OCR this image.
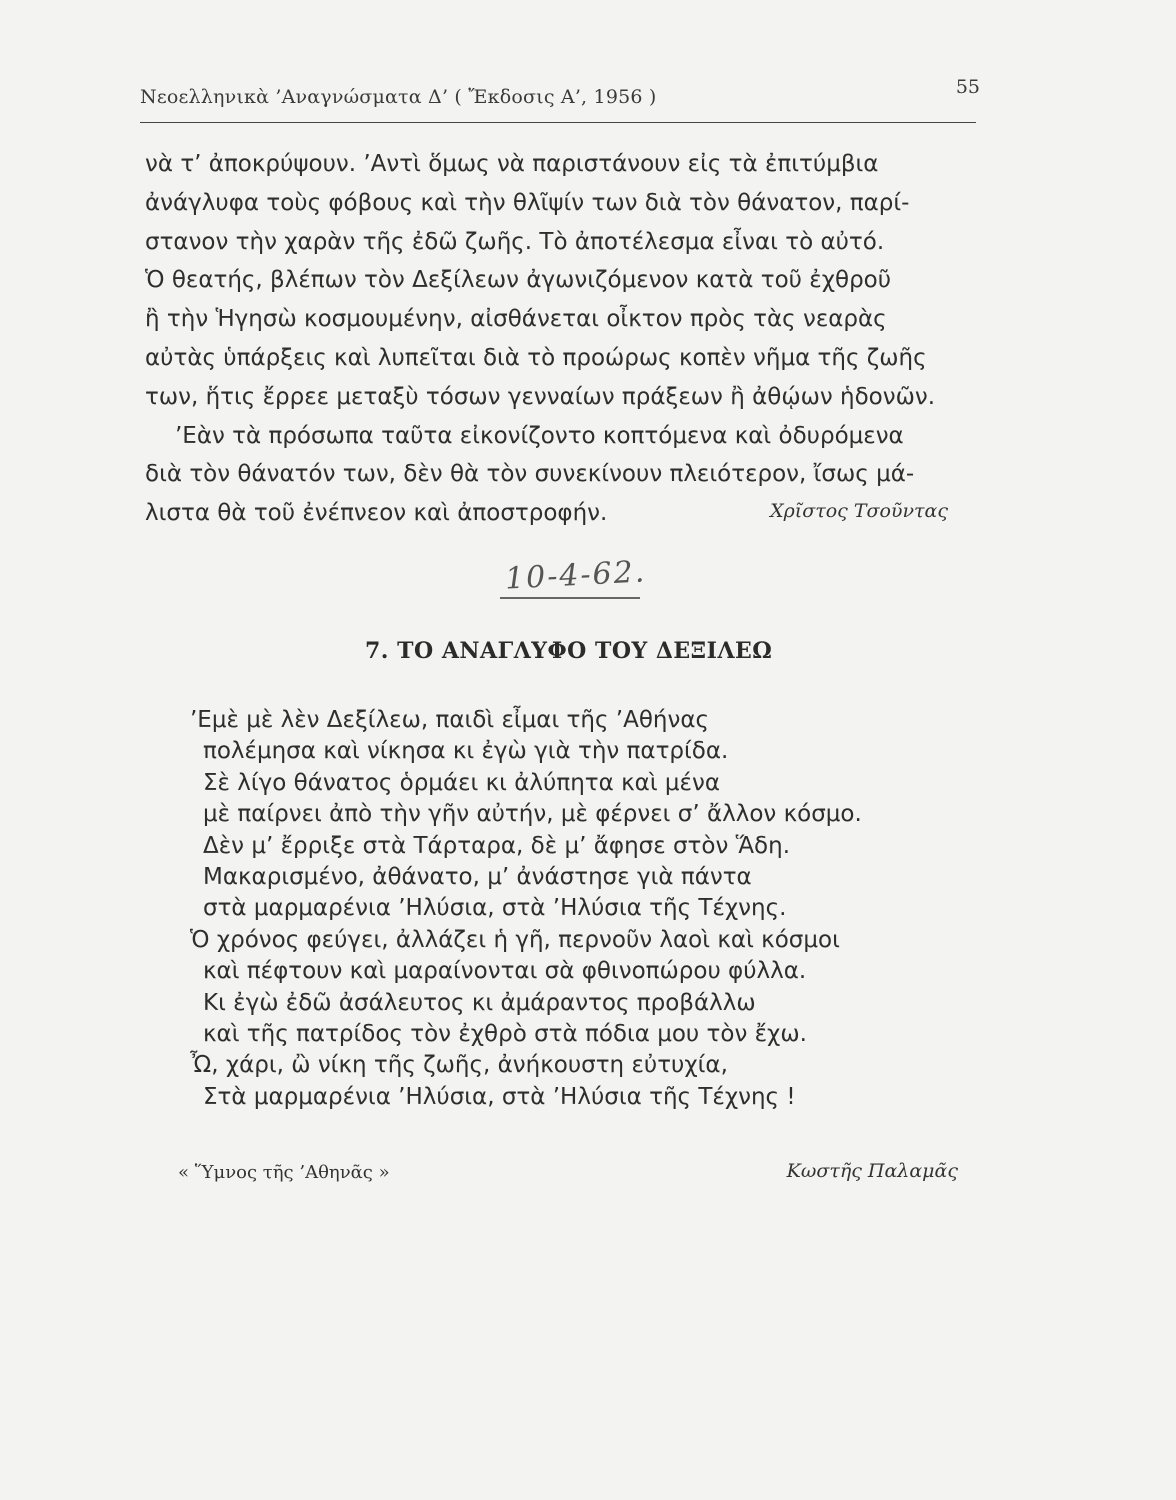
Νεοελληνικὰ ’Αναγνώσματα Δ’ ( Ἔκδοσις Α’, 1956 )	55
νὰ τ’ ἀποκρύψουν. ’Αντὶ ὅμως νὰ παριστάνουν εἰς τὰ ἐπιτύμβια
ἀνάγλυφα τοὺς φόβους καὶ τὴν θλῖψίν των διὰ τὸν θάνατον, παρί-
στανον τὴν χαρὰν τῆς ἐδῶ ζωῆς. Τὸ ἀποτέλεσμα εἶναι τὸ αὐτό.
Ὁ θεατής, βλέπων τὸν Δεξίλεων ἀγωνιζόμενον κατὰ τοῦ ἐχθροῦ
ἢ τὴν Ἡγησὼ κοσμουμένην, αἰσθάνεται οἶκτον πρὸς τὰς νεαρὰς
αὐτὰς ὑπάρξεις καὶ λυπεῖται διὰ τὸ προώρως κοπὲν νῆμα τῆς ζωῆς
των, ἥτις ἔρρεε μεταξὺ τόσων γενναίων πράξεων ἢ ἀθῴων ἡδονῶν.
’Εὰν τὰ πρόσωπα ταῦτα εἰκονίζοντο κοπτόμενα καὶ ὀδυρόμενα
διὰ τὸν θάνατόν των, δὲν θὰ τὸν συνεκίνουν πλειότερον, ἴσως μά-
λιστα θὰ τοῦ ἐνέπνεον καὶ ἀποστροφήν.	Χρῖστος Τσοῦντας
10-4-62.
7. ΤΟ ΑΝΑΓΛΥΦΟ ΤΟΥ ΔΕΞΙΛΕΩ
’Εμὲ μὲ λὲν Δεξίλεω, παιδὶ εἶμαι τῆς ’Αθήνας
πολέμησα καὶ νίκησα κι ἐγὼ γιὰ τὴν πατρίδα.
Σὲ λίγο θάνατος ὁρμάει κι ἀλύπητα καὶ μένα
μὲ παίρνει ἀπὸ τὴν γῆν αὐτήν, μὲ φέρνει σ’ ἄλλον κόσμο.
Δὲν μ’ ἔρριξε στὰ Τάρταρα, δὲ μ’ ἄφησε στὸν Ἅδη.
Μακαρισμένο, ἀθάνατο, μ’ ἀνάστησε γιὰ πάντα
στὰ μαρμαρένια ’Ηλύσια, στὰ ’Ηλύσια τῆς Τέχνης.
Ὁ χρόνος φεύγει, ἀλλάζει ἡ γῆ, περνοῦν λαοὶ καὶ κόσμοι
καὶ πέφτουν καὶ μαραίνονται σὰ φθινοπώρου φύλλα.
Κι ἐγὼ ἐδῶ ἀσάλευτος κι ἀμάραντος προβάλλω
καὶ τῆς πατρίδος τὸν ἐχθρὸ στὰ πόδια μου τὸν ἔχω.
Ὦ, χάρι, ὢ νίκη τῆς ζωῆς, ἀνήκουστη εὐτυχία,
Στὰ μαρμαρένια ’Ηλύσια, στὰ ’Ηλύσια τῆς Τέχνης !
« Ὕμνος τῆς ’Αθηνᾶς »	Κωστῆς Παλαμᾶς
